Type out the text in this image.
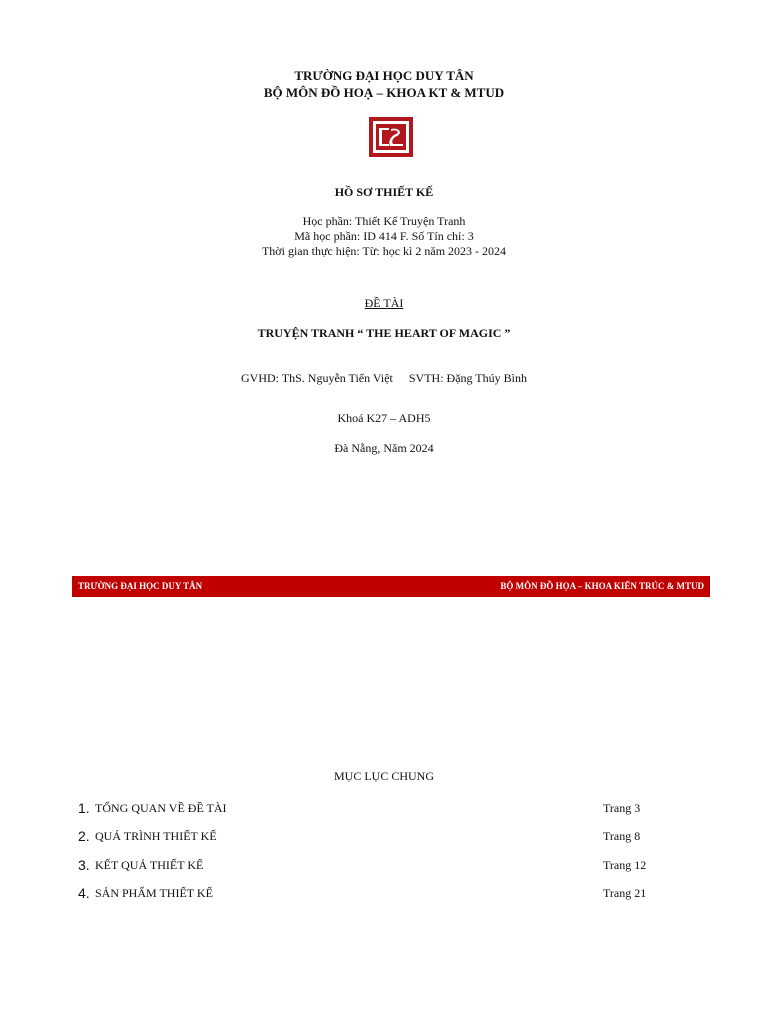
TRƯỜNG ĐẠI HỌC DUY TÂN
BỘ MÔN ĐỒ HOẠ – KHOA KT & MTUD
HỒ SƠ THIẾT KẾ
Học phần: Thiết Kế Truyện Tranh
Mã học phần: ID 414 F. Số Tín chỉ: 3
Thời gian thực hiện: Từ: học kì 2 năm 2023 - 2024
ĐỀ TÀI
TRUYỆN TRANH “ THE HEART OF MAGIC ”
GVHD: ThS. Nguyễn Tiến Việt SVTH: Đặng Thúy Bình
Khoá K27 – ADH5
Đà Nẵng, Năm 2024
TRƯỜNG ĐẠI HỌC DUY TÂN	BỘ MÔN ĐỒ HỌA – KHOA KIẾN TRÚC & MTUD
MỤC LỤC CHUNG
1. TỔNG QUAN VỀ ĐỀ TÀI	Trang 3
2. QUÁ TRÌNH THIẾT KẾ	Trang 8
3. KẾT QUẢ THIẾT KẾ	Trang 12
4. SẢN PHẨM THIẾT KẾ	Trang 21
